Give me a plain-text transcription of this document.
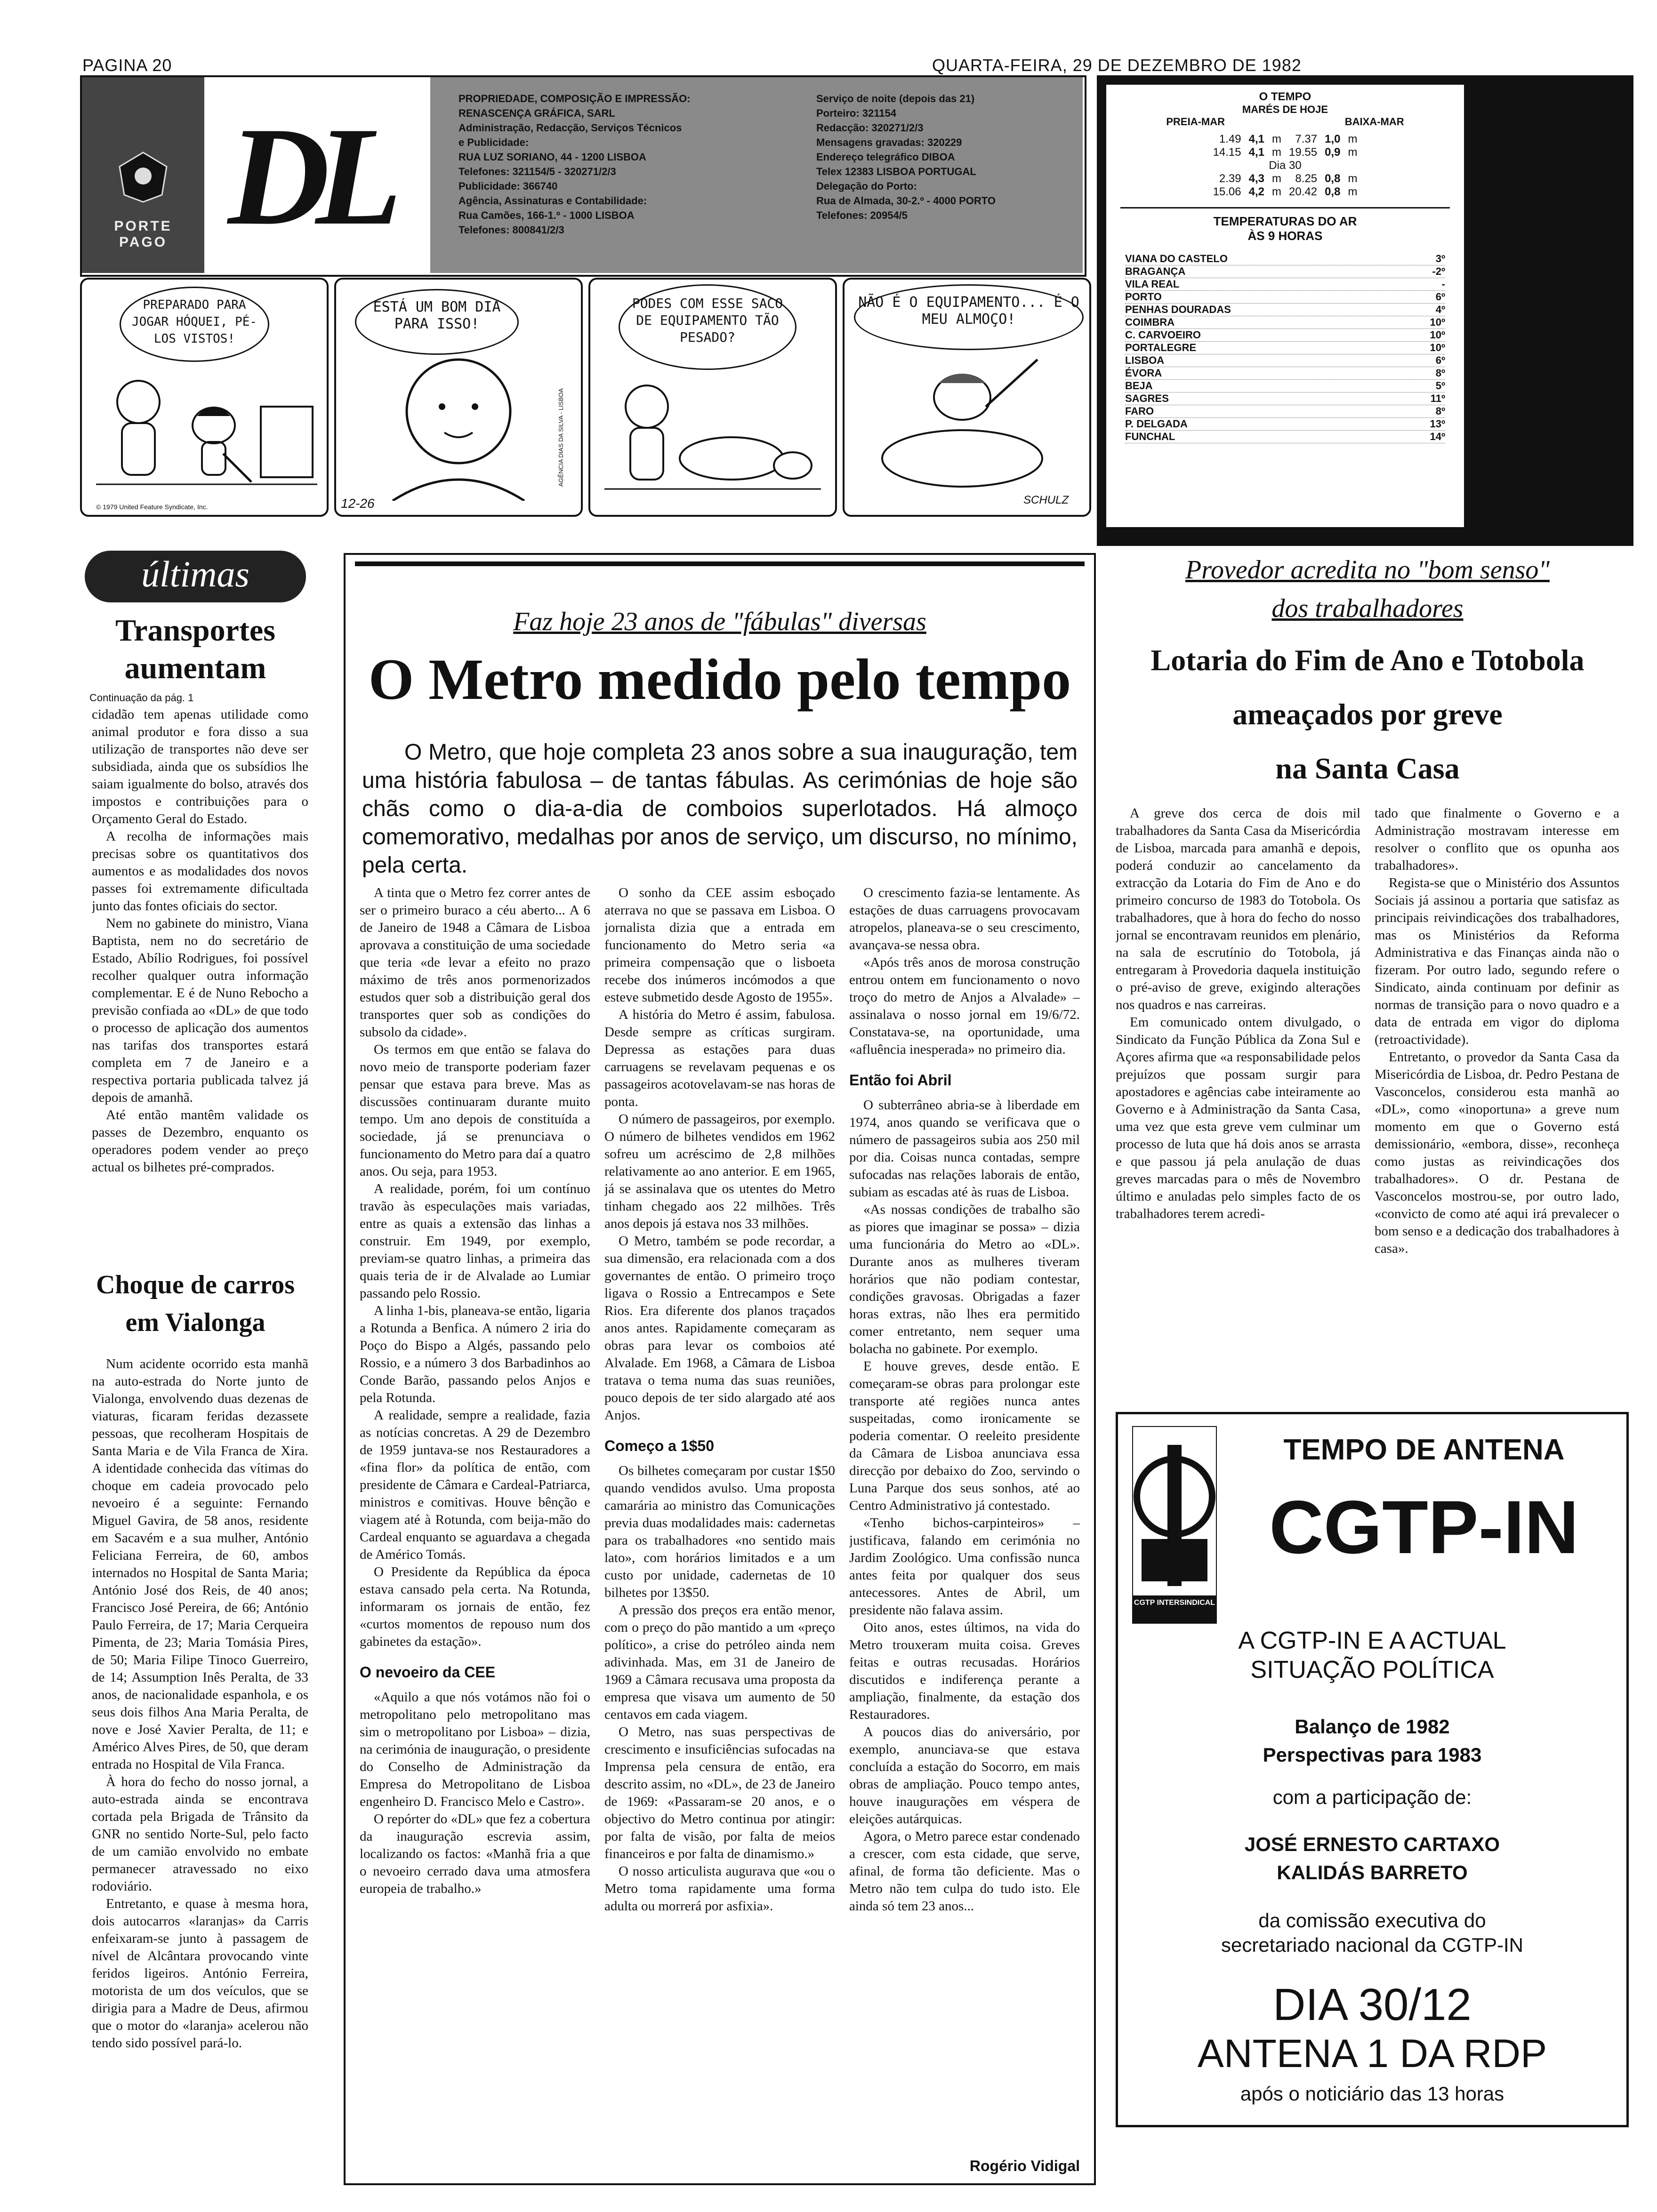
PAGINA 20	QUARTA-FEIRA, 29 DE DEZEMBRO DE 1982
PORTE PAGO DL	PROPRIEDADE, COMPOSIÇÃO E IMPRESSÃO:
RENASCENÇA GRÁFICA, SARL
Administração, Redacção, Serviços Técnicos
e Publicidade:
RUA LUZ SORIANO, 44 - 1200 LISBOA
Telefones: 321154/5 - 320271/2/3
Publicidade: 366740
Agência, Assinaturas e Contabilidade:
Rua Camões, 166-1.º - 1000 LISBOA
Telefones: 800841/2/3
Serviço de noite (depois das 21)
Porteiro: 321154
Redacção: 320271/2/3
Mensagens gravadas: 320229
Endereço telegráfico DIBOA
Telex 12383 LISBOA PORTUGAL
Delegação do Porto:
Rua de Almada, 30-2.º - 4000 PORTO
Telefones: 20954/5
O TEMPO
MARÉS DE HOJE
PREIA-MAR	BAIXA-MAR
1.49	4,1	m	7.37	1,0	m
14.15	4,1	m	19.55	0,9	m
Dia 30					
2.39	4,3	m	8.25	0,8	m
15.06	4,2	m	20.42	0,8	m
TEMPERATURAS DO AR
ÀS 9 HORAS
VIANA DO CASTELO	3º
BRAGANÇA	-2º
VILA REAL	-
PORTO	6º
PENHAS DOURADAS	4º
COIMBRA	10º
C. CARVOEIRO	10º
PORTALEGRE	10º
LISBOA	6º
ÉVORA	8º
BEJA	5º
SAGRES	11º
FARO	8º
P. DELGADA	13º
FUNCHAL	14º
PREPARADO PARA JOGAR HÓQUEI, PÉ-LOS VISTOS!
© 1979 United Feature Syndicate, Inc.
ESTÁ UM BOM DIA PARA ISSO!
12-26
AGÊNCIA DIAS DA SILVA - LISBOA
PODES COM ESSE SACO DE EQUIPAMENTO TÃO PESADO?
NÃO É O EQUIPAMENTO... É O MEU ALMOÇO!
SCHULZ
últimas
Transportes
aumentam
Continuação da pág. 1

cidadão tem apenas utilidade como animal produtor e fora disso a sua utilização de transportes não deve ser subsidiada, ainda que os subsídios lhe saiam igualmente do bolso, através dos impostos e contribuições para o Orçamento Geral do Estado.

A recolha de informações mais precisas sobre os quantitativos dos aumentos e as modalidades dos novos passes foi extremamente dificultada junto das fontes oficiais do sector.

Nem no gabinete do ministro, Viana Baptista, nem no do secretário de Estado, Abílio Rodrigues, foi possível recolher qualquer outra informação complementar. E é de Nuno Rebocho a previsão confiada ao «DL» de que todo o processo de aplicação dos aumentos nas tarifas dos transportes estará completa em 7 de Janeiro e a respectiva portaria publicada talvez já depois de amanhã.

Até então mantêm validade os passes de Dezembro, enquanto os operadores podem vender ao preço actual os bilhetes pré-comprados.

Choque de carros
em Vialonga

Num acidente ocorrido esta manhã na auto-estrada do Norte junto de Vialonga, envolvendo duas dezenas de viaturas, ficaram feridas dezassete pessoas, que recolheram Hospitais de Santa Maria e de Vila Franca de Xira. A identidade conhecida das vítimas do choque em cadeia provocado pelo nevoeiro é a seguinte: Fernando Miguel Gavira, de 58 anos, residente em Sacavém e a sua mulher, António Feliciana Ferreira, de 60, ambos internados no Hospital de Santa Maria; António José dos Reis, de 40 anos; Francisco José Pereira, de 66; António Paulo Ferreira, de 17; Maria Cerqueira Pimenta, de 23; Maria Tomásia Pires, de 50; Maria Filipe Tinoco Guerreiro, de 14; Assumption Inês Peralta, de 33 anos, de nacionalidade espanhola, e os seus dois filhos Ana Maria Peralta, de nove e José Xavier Peralta, de 11; e Américo Alves Pires, de 50, que deram entrada no Hospital de Vila Franca.

À hora do fecho do nosso jornal, a auto-estrada ainda se encontrava cortada pela Brigada de Trânsito da GNR no sentido Norte-Sul, pelo facto de um camião envolvido no embate permanecer atravessado no eixo rodoviário.

Entretanto, e quase à mesma hora, dois autocarros «laranjas» da Carris enfeixaram-se junto à passagem de nível de Alcântara provocando vinte feridos ligeiros. António Ferreira, motorista de um dos veículos, que se dirigia para a Madre de Deus, afirmou que o motor do «laranja» acelerou não tendo sido possível pará-lo.

Faz hoje 23 anos de "fábulas" diversas
O Metro medido pelo tempo
O Metro, que hoje completa 23 anos sobre a sua inauguração, tem uma história fabulosa – de tantas fábulas. As cerimónias de hoje são chãs como o dia-a-dia de comboios superlotados. Há almoço comemorativo, medalhas por anos de serviço, um discurso, no mínimo, pela certa.

A tinta que o Metro fez correr antes de ser o primeiro buraco a céu aberto... A 6 de Janeiro de 1948 a Câmara de Lisboa aprovava a constituição de uma sociedade que teria «de levar a efeito no prazo máximo de três anos pormenorizados estudos quer sob a distribuição geral dos transportes quer sob as condições do subsolo da cidade».

Os termos em que então se falava do novo meio de transporte poderiam fazer pensar que estava para breve. Mas as discussões continuaram durante muito tempo. Um ano depois de constituída a sociedade, já se prenunciava o funcionamento do Metro para daí a quatro anos. Ou seja, para 1953.

A realidade, porém, foi um contínuo travão às especulações mais variadas, entre as quais a extensão das linhas a construir. Em 1949, por exemplo, previam-se quatro linhas, a primeira das quais teria de ir de Alvalade ao Lumiar passando pelo Rossio.

A linha 1-bis, planeava-se então, ligaria a Rotunda a Benfica. A número 2 iria do Poço do Bispo a Algés, passando pelo Rossio, e a número 3 dos Barbadinhos ao Conde Barão, passando pelos Anjos e pela Rotunda.

A realidade, sempre a realidade, fazia as notícias concretas. A 29 de Dezembro de 1959 juntava-se nos Restauradores a «fina flor» da política de então, com presidente de Câmara e Cardeal-Patriarca, ministros e comitivas. Houve bênção e viagem até à Rotunda, com beija-mão do Cardeal enquanto se aguardava a chegada de Américo Tomás.

O Presidente da República da época estava cansado pela certa. Na Rotunda, informaram os jornais de então, fez «curtos momentos de repouso num dos gabinetes da estação».

O nevoeiro da CEE

«Aquilo a que nós votámos não foi o metropolitano pelo metropolitano mas sim o metropolitano por Lisboa» – dizia, na cerimónia de inauguração, o presidente do Conselho de Administração da Empresa do Metropolitano de Lisboa engenheiro D. Francisco Melo e Castro».

O repórter do «DL» que fez a cobertura da inauguração escrevia assim, localizando os factos: «Manhã fria a que o nevoeiro cerrado dava uma atmosfera europeia de trabalho.»

O sonho da CEE assim esboçado aterrava no que se passava em Lisboa. O jornalista dizia que a entrada em funcionamento do Metro seria «a primeira compensação que o lisboeta recebe dos inúmeros incómodos a que esteve submetido desde Agosto de 1955».

A história do Metro é assim, fabulosa. Desde sempre as críticas surgiram. Depressa as estações para duas carruagens se revelavam pequenas e os passageiros acotovelavam-se nas horas de ponta.

O número de passageiros, por exemplo. O número de bilhetes vendidos em 1962 sofreu um acréscimo de 2,8 milhões relativamente ao ano anterior. E em 1965, já se assinalava que os utentes do Metro tinham chegado aos 22 milhões. Três anos depois já estava nos 33 milhões.

O Metro, também se pode recordar, a sua dimensão, era relacionada com a dos governantes de então. O primeiro troço ligava o Rossio a Entrecampos e Sete Rios. Era diferente dos planos traçados anos antes. Rapidamente começaram as obras para levar os comboios até Alvalade. Em 1968, a Câmara de Lisboa tratava o tema numa das suas reuniões, pouco depois de ter sido alargado até aos Anjos.

Começo a 1$50

Os bilhetes começaram por custar 1$50 quando vendidos avulso. Uma proposta camarária ao ministro das Comunicações previa duas modalidades mais: cadernetas para os trabalhadores «no sentido mais lato», com horários limitados e a um custo por unidade, cadernetas de 10 bilhetes por 13$50.

A pressão dos preços era então menor, com o preço do pão mantido a um «preço político», a crise do petróleo ainda nem adivinhada. Mas, em 31 de Janeiro de 1969 a Câmara recusava uma proposta da empresa que visava um aumento de 50 centavos em cada viagem.

O Metro, nas suas perspectivas de crescimento e insuficiências sufocadas na Imprensa pela censura de então, era descrito assim, no «DL», de 23 de Janeiro de 1969: «Passaram-se 20 anos, e o objectivo do Metro continua por atingir: por falta de visão, por falta de meios financeiros e por falta de dinamismo.»

O nosso articulista augurava que «ou o Metro toma rapidamente uma forma adulta ou morrerá por asfixia».

O crescimento fazia-se lentamente. As estações de duas carruagens provocavam atropelos, planeava-se o seu crescimento, avançava-se nessa obra.

«Após três anos de morosa construção entrou ontem em funcionamento o novo troço do metro de Anjos a Alvalade» – assinalava o nosso jornal em 19/6/72. Constatava-se, na oportunidade, uma «afluência inesperada» no primeiro dia.

Então foi Abril

O subterrâneo abria-se à liberdade em 1974, anos quando se verificava que o número de passageiros subia aos 250 mil por dia. Coisas nunca contadas, sempre sufocadas nas relações laborais de então, subiam as escadas até às ruas de Lisboa.

«As nossas condições de trabalho são as piores que imaginar se possa» – dizia uma funcionária do Metro ao «DL». Durante anos as mulheres tiveram horários que não podiam contestar, condições gravosas. Obrigadas a fazer horas extras, não lhes era permitido comer entretanto, nem sequer uma bolacha no gabinete. Por exemplo.

E houve greves, desde então. E começaram-se obras para prolongar este transporte até regiões nunca antes suspeitadas, como ironicamente se poderia comentar. O reeleito presidente da Câmara de Lisboa anunciava essa direcção por debaixo do Zoo, servindo o Luna Parque dos seus sonhos, até ao Centro Administrativo já contestado.

«Tenho bichos-carpinteiros» – justificava, falando em cerimónia no Jardim Zoológico. Uma confissão nunca antes feita por qualquer dos seus antecessores. Antes de Abril, um presidente não falava assim.

Oito anos, estes últimos, na vida do Metro trouxeram muita coisa. Greves feitas e outras recusadas. Horários discutidos e indiferença perante a ampliação, finalmente, da estação dos Restauradores.

A poucos dias do aniversário, por exemplo, anunciava-se que estava concluída a estação do Socorro, em mais obras de ampliação. Pouco tempo antes, houve inaugurações em véspera de eleições autárquicas.

Agora, o Metro parece estar condenado a crescer, com esta cidade, que serve, afinal, de forma tão deficiente. Mas o Metro não tem culpa do tudo isto. Ele ainda só tem 23 anos...

Rogério Vidigal
Provedor acredita no "bom senso"
dos trabalhadores
Lotaria do Fim de Ano e Totobola
ameaçados por greve
na Santa Casa

A greve dos cerca de dois mil trabalhadores da Santa Casa da Misericórdia de Lisboa, marcada para amanhã e depois, poderá conduzir ao cancelamento da extracção da Lotaria do Fim de Ano e do primeiro concurso de 1983 do Totobola. Os trabalhadores, que à hora do fecho do nosso jornal se encontravam reunidos em plenário, na sala de escrutínio do Totobola, já entregaram à Provedoria daquela instituição o pré-aviso de greve, exigindo alterações nos quadros e nas carreiras.

Em comunicado ontem divulgado, o Sindicato da Função Pública da Zona Sul e Açores afirma que «a responsabilidade pelos prejuízos que possam surgir para apostadores e agências cabe inteiramente ao Governo e à Administração da Santa Casa, uma vez que esta greve vem culminar um processo de luta que há dois anos se arrasta e que passou já pela anulação de duas greves marcadas para o mês de Novembro último e anuladas pelo simples facto de os trabalhadores terem acredi-

tado que finalmente o Governo e a Administração mostravam interesse em resolver o conflito que os opunha aos trabalhadores».

Regista-se que o Ministério dos Assuntos Sociais já assinou a portaria que satisfaz as principais reivindicações dos trabalhadores, mas os Ministérios da Reforma Administrativa e das Finanças ainda não o fizeram. Por outro lado, segundo refere o Sindicato, ainda continuam por definir as normas de transição para o novo quadro e a data de entrada em vigor do diploma (retroactividade).

Entretanto, o provedor da Santa Casa da Misericórdia de Lisboa, dr. Pedro Pestana de Vasconcelos, considerou esta manhã ao «DL», como «inoportuna» a greve num momento em que o Governo está demissionário, «embora, disse», reconheça como justas as reivindicações dos trabalhadores». O dr. Pestana de Vasconcelos mostrou-se, por outro lado, «convicto de como até aqui irá prevalecer o bom senso e a dedicação dos trabalhadores à casa».

CGTP INTERSINDICAL
TEMPO DE ANTENA
CGTP-IN
A CGTP-IN E A ACTUAL SITUAÇÃO POLÍTICA
Balanço de 1982
Perspectivas para 1983
com a participação de:
JOSÉ ERNESTO CARTAXO
KALIDÁS BARRETO
da comissão executiva do secretariado nacional da CGTP-IN
DIA 30/12
ANTENA 1 DA RDP
após o noticiário das 13 horas
